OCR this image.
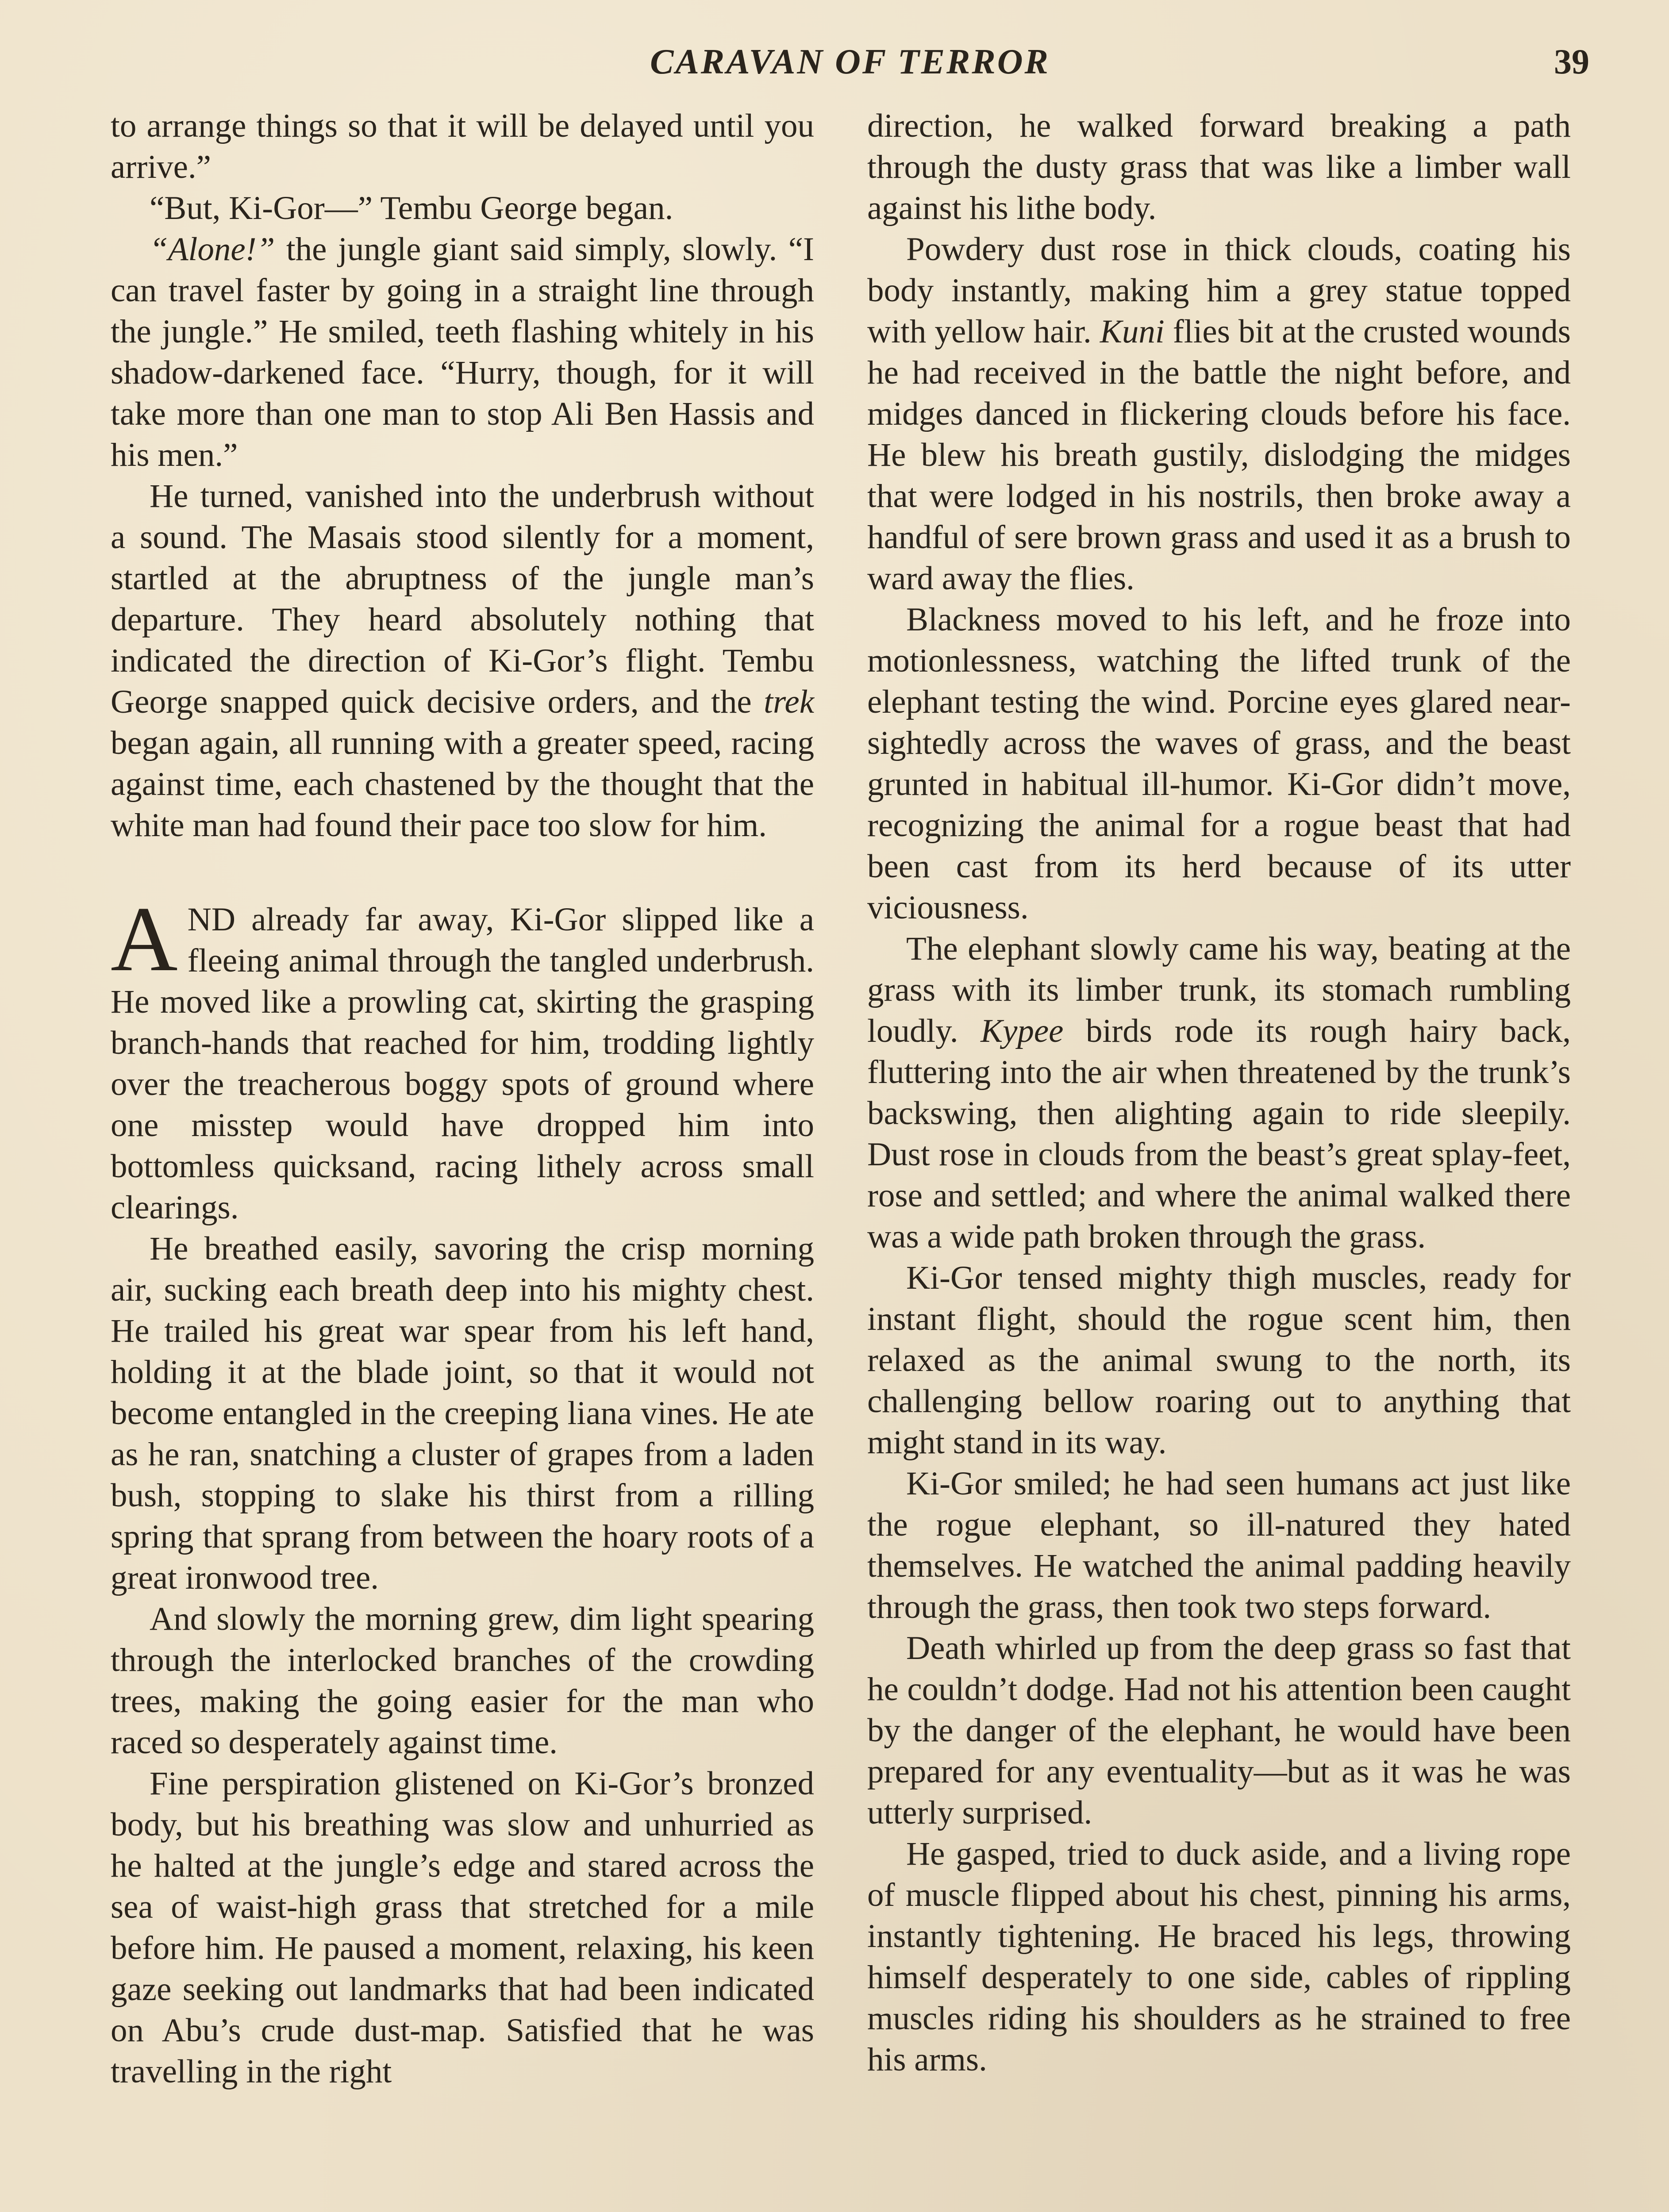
CARAVAN OF TERROR	39

to arrange things so that it will be delayed until you arrive.”

“But, Ki-Gor—” Tembu George began.

“Alone!” the jungle giant said simply, slowly. “I can travel faster by going in a straight line through the jungle.” He smiled, teeth flashing whitely in his shadow-darkened face. “Hurry, though, for it will take more than one man to stop Ali Ben Hassis and his men.”

He turned, vanished into the underbrush without a sound. The Masais stood silently for a moment, startled at the abruptness of the jungle man’s departure. They heard absolutely nothing that indicated the direction of Ki-Gor’s flight. Tembu George snapped quick decisive orders, and the trek began again, all running with a greater speed, racing against time, each chastened by the thought that the white man had found their pace too slow for him.

AND already far away, Ki-Gor slipped like a fleeing animal through the tangled underbrush. He moved like a prowling cat, skirting the grasping branch-hands that reached for him, trodding lightly over the treacherous boggy spots of ground where one misstep would have dropped him into bottomless quicksand, racing lithely across small clearings.

He breathed easily, savoring the crisp morning air, sucking each breath deep into his mighty chest. He trailed his great war spear from his left hand, holding it at the blade joint, so that it would not become entangled in the creeping liana vines. He ate as he ran, snatching a cluster of grapes from a laden bush, stopping to slake his thirst from a rilling spring that sprang from between the hoary roots of a great ironwood tree.

And slowly the morning grew, dim light spearing through the interlocked branches of the crowding trees, making the going easier for the man who raced so desperately against time.

Fine perspiration glistened on Ki-Gor’s bronzed body, but his breathing was slow and unhurried as he halted at the jungle’s edge and stared across the sea of waist-high grass that stretched for a mile before him. He paused a moment, relaxing, his keen gaze seeking out landmarks that had been indicated on Abu’s crude dust-map. Satisfied that he was travelling in the right

direction, he walked forward breaking a path through the dusty grass that was like a limber wall against his lithe body.

Powdery dust rose in thick clouds, coating his body instantly, making him a grey statue topped with yellow hair. Kuni flies bit at the crusted wounds he had received in the battle the night before, and midges danced in flickering clouds before his face. He blew his breath gustily, dislodging the midges that were lodged in his nostrils, then broke away a handful of sere brown grass and used it as a brush to ward away the flies.

Blackness moved to his left, and he froze into motionlessness, watching the lifted trunk of the elephant testing the wind. Porcine eyes glared near-sightedly across the waves of grass, and the beast grunted in habitual ill-humor. Ki-Gor didn’t move, recognizing the animal for a rogue beast that had been cast from its herd because of its utter viciousness.

The elephant slowly came his way, beating at the grass with its limber trunk, its stomach rumbling loudly. Kypee birds rode its rough hairy back, fluttering into the air when threatened by the trunk’s backswing, then alighting again to ride sleepily. Dust rose in clouds from the beast’s great splay-feet, rose and settled; and where the animal walked there was a wide path broken through the grass.

Ki-Gor tensed mighty thigh muscles, ready for instant flight, should the rogue scent him, then relaxed as the animal swung to the north, its challenging bellow roaring out to anything that might stand in its way.

Ki-Gor smiled; he had seen humans act just like the rogue elephant, so ill-natured they hated themselves. He watched the animal padding heavily through the grass, then took two steps forward.

Death whirled up from the deep grass so fast that he couldn’t dodge. Had not his attention been caught by the danger of the elephant, he would have been prepared for any eventuality—but as it was he was utterly surprised.

He gasped, tried to duck aside, and a living rope of muscle flipped about his chest, pinning his arms, instantly tightening. He braced his legs, throwing himself desperately to one side, cables of rippling muscles riding his shoulders as he strained to free his arms.
